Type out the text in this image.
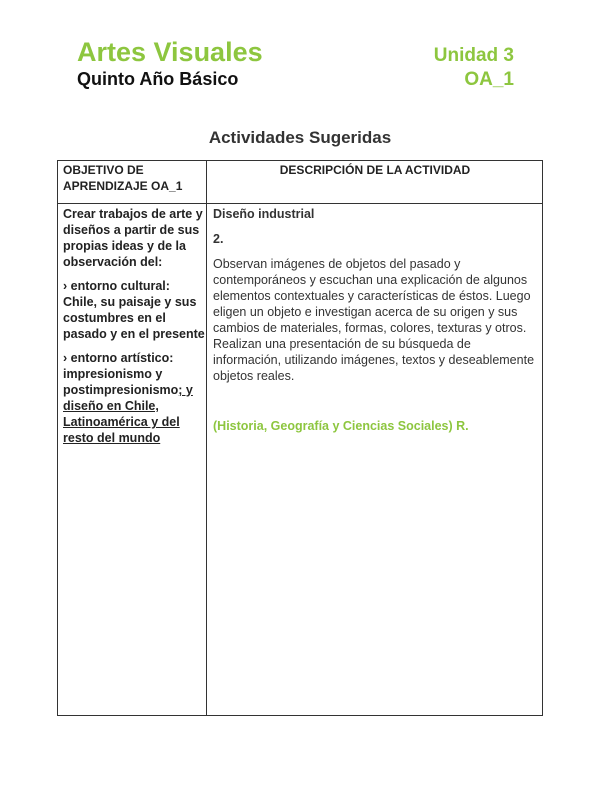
Artes Visuales
Quinto Año Básico
Unidad 3
OA_1
Actividades Sugeridas
OBJETIVO DE APRENDIZAJE OA_1
DESCRIPCIÓN DE LA ACTIVIDAD

Crear trabajos de arte y diseños a partir de sus propias ideas y de la observación del:

› entorno cultural: Chile, su paisaje y sus costumbres en el pasado y en el presente

› entorno artístico: impresionismo y postimpresionismo; y diseño en Chile, Latinoamérica y del resto del mundo

Diseño industrial
2.
Observan imágenes de objetos del pasado y contemporáneos y escuchan una explicación de algunos elementos contextuales y características de éstos. Luego eligen un objeto e investigan acerca de su origen y sus cambios de materiales, formas, colores, texturas y otros. Realizan una presentación de su búsqueda de información, utilizando imágenes, textos y deseablemente objetos reales.
(Historia, Geografía y Ciencias Sociales) R.
